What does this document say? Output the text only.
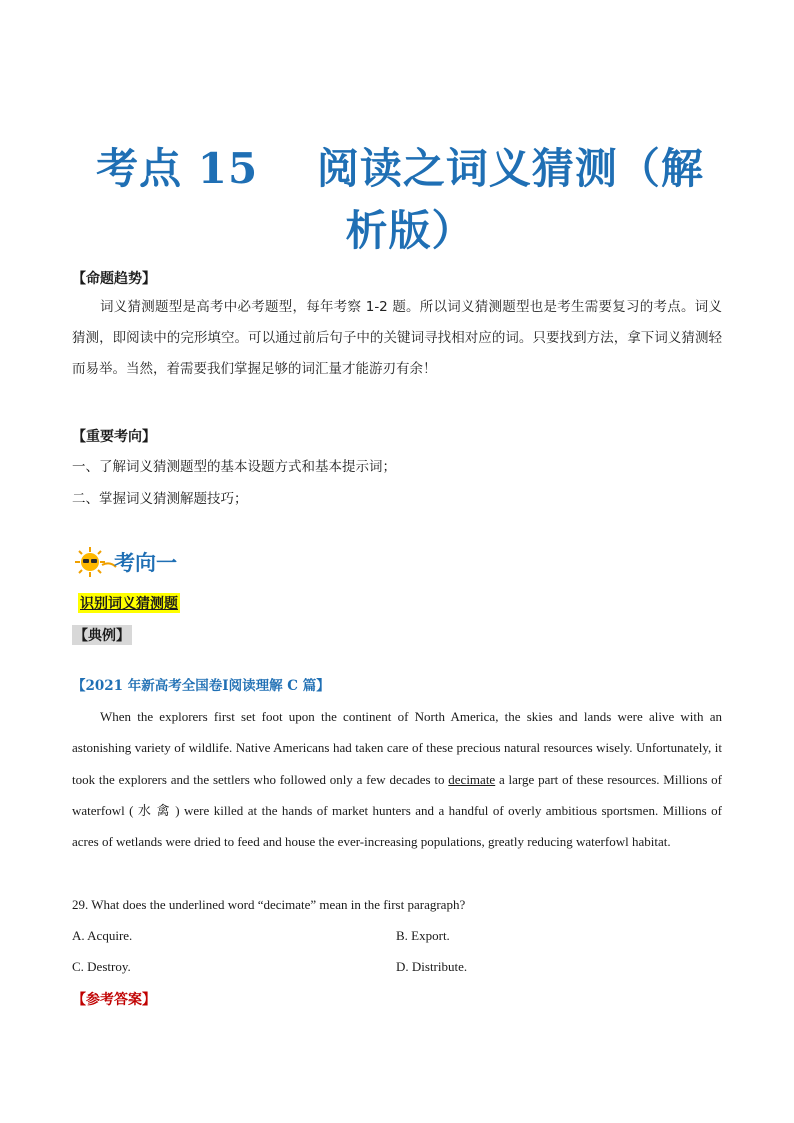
考点 15　 阅读之词义猜测（解
析版）
【命题趋势】
词义猜测题型是高考中必考题型，每年考察 1-2 题。所以词义猜测题型也是考生需要复习的考点。词义猜测，即阅读中的完形填空。可以通过前后句子中的关键词寻找相对应的词。只要找到方法，拿下词义猜测轻而易举。当然，着需要我们掌握足够的词汇量才能游刃有余！
【重要考向】
一、了解词义猜测题型的基本设题方式和基本提示词；
二、掌握词义猜测解题技巧；
考向一
识别词义猜测题
【典例】
【2021 年新高考全国卷Ⅰ阅读理解 C 篇】
When the explorers first set foot upon the continent of North America, the skies and lands were alive with an astonishing variety of wildlife. Native Americans had taken care of these precious natural resources wisely. Unfortunately, it took the explorers and the settlers who followed only a few decades to decimate a large part of these resources. Millions of waterfowl ( 水 禽 ) were killed at the hands of market hunters and a handful of overly ambitious sportsmen. Millions of acres of wetlands were dried to feed and house the ever-increasing populations, greatly reducing waterfowl habitat.
29. What does the underlined word “decimate” mean in the first paragraph?
A. Acquire.	B. Export.
C. Destroy.	D. Distribute.
【参考答案】
